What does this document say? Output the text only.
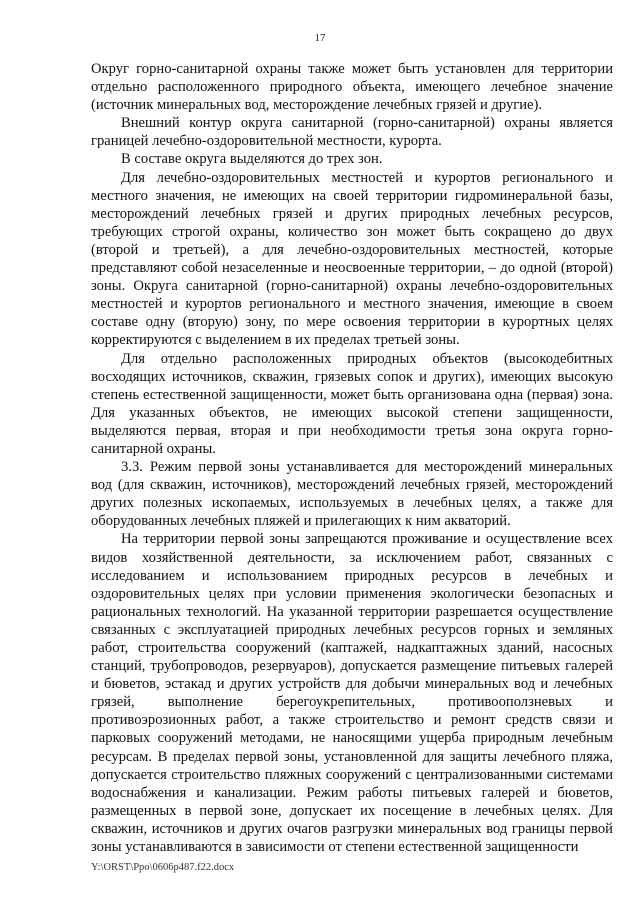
17

Округ горно-санитарной охраны также может быть установлен для территории отдельно расположенного природного объекта, имеющего лечебное значение (источник минеральных вод, месторождение лечебных грязей и другие).

Внешний контур округа санитарной (горно-санитарной) охраны является границей лечебно-оздоровительной местности, курорта.

В составе округа выделяются до трех зон.

Для лечебно-оздоровительных местностей и курортов регионального и местного значения, не имеющих на своей территории гидроминеральной базы, месторождений лечебных грязей и других природных лечебных ресурсов, требующих строгой охраны, количество зон может быть сокращено до двух (второй и третьей), а для лечебно-оздоровительных местностей, которые представляют собой незаселенные и неосвоенные территории, – до одной (второй) зоны. Округа санитарной (горно-санитарной) охраны лечебно-оздоровительных местностей и курортов регионального и местного значения, имеющие в своем составе одну (вторую) зону, по мере освоения территории в курортных целях корректируются с выделением в их пределах третьей зоны.

Для отдельно расположенных природных объектов (высокодебитных восходящих источников, скважин, грязевых сопок и других), имеющих высокую степень естественной защищенности, может быть организована одна (первая) зона. Для указанных объектов, не имеющих высокой степени защищенности, выделяются первая, вторая и при необходимости третья зона округа горно-санитарной охраны.

3.3. Режим первой зоны устанавливается для месторождений минеральных вод (для скважин, источников), месторождений лечебных грязей, месторождений других полезных ископаемых, используемых в лечебных целях, а также для оборудованных лечебных пляжей и прилегающих к ним акваторий.

На территории первой зоны запрещаются проживание и осуществление всех видов хозяйственной деятельности, за исключением работ, связанных с исследованием и использованием природных ресурсов в лечебных и оздоровительных целях при условии применения экологически безопасных и рациональных технологий. На указанной территории разрешается осуществление связанных с эксплуатацией природных лечебных ресурсов горных и земляных работ, строительства сооружений (каптажей, надкаптажных зданий, насосных станций, трубопроводов, резервуаров), допускается размещение питьевых галерей и бюветов, эстакад и других устройств для добычи минеральных вод и лечебных грязей, выполнение берегоукрепительных, противооползневых и противоэрозионных работ, а также строительство и ремонт средств связи и парковых сооружений методами, не наносящими ущерба природным лечебным ресурсам. В пределах первой зоны, установленной для защиты лечебного пляжа, допускается строительство пляжных сооружений с централизованными системами водоснабжения и канализации. Режим работы питьевых галерей и бюветов, размещенных в первой зоне, допускает их посещение в лечебных целях. Для скважин, источников и других очагов разгрузки минеральных вод границы первой зоны устанавливаются в зависимости от степени естественной защищенности

Y:\ORST\Ppo\0606p487.f22.docx
